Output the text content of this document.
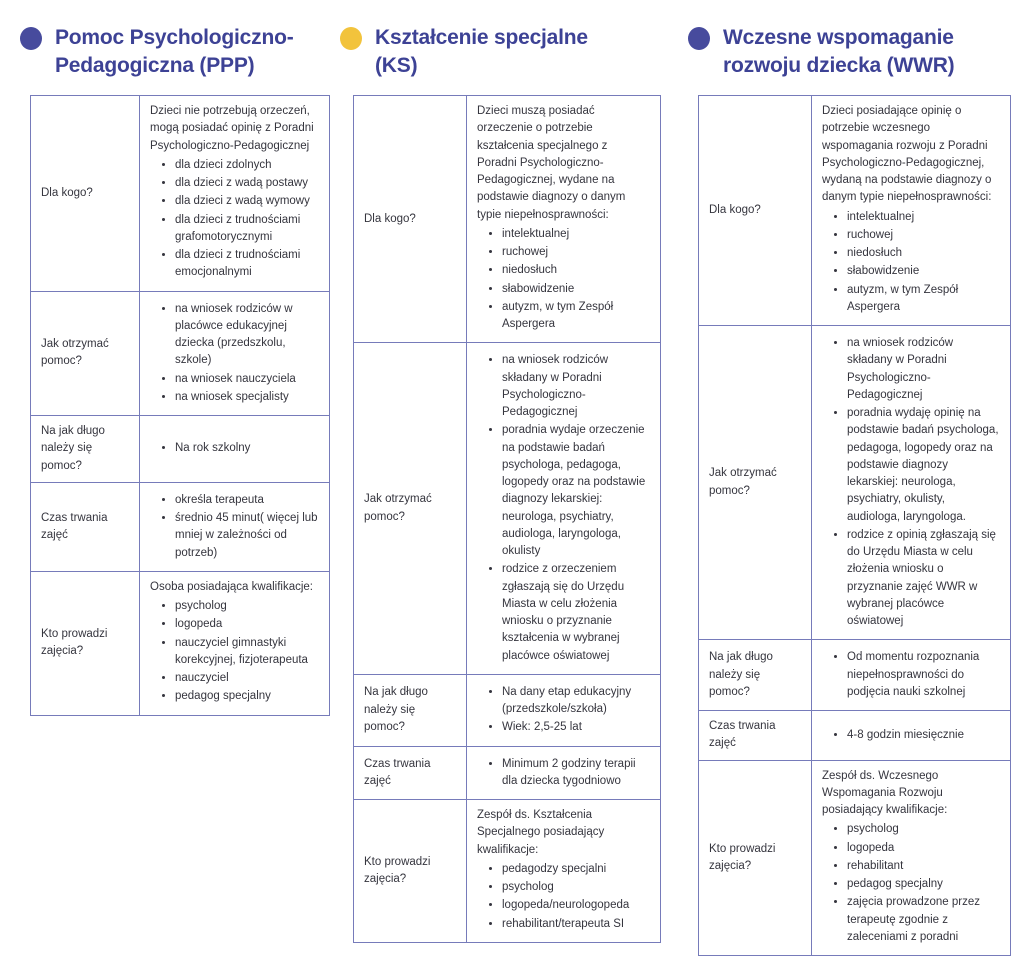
Pomoc Psychologiczno-
Pedagogiczna (PPP)
Kształcenie specjalne
(KS)
Wczesne wspomaganie
rozwoju dziecka (WWR)
Dla kogo?	

Dzieci nie potrzebują orzeczeń, mogą posiadać opinię z Poradni Psychologiczno-Pedagogicznej

• dla dzieci zdolnych
• dla dzieci z wadą postawy
• dla dzieci z wadą wymowy
• dla dzieci z trudnościami grafomotorycznymi
• dla dzieci z trudnościami emocjonalnymi

Jak otrzymać pomoc?	
• na wniosek rodziców w placówce edukacyjnej dziecka (przedszkolu, szkole)
• na wniosek nauczyciela
• na wniosek specjalisty

Na jak długo należy się pomoc?	
• Na rok szkolny

Czas trwania zajęć	
• określa terapeuta
• średnio 45 minut( więcej lub mniej w zależności od potrzeb)

Kto prowadzi zajęcia?	

Osoba posiadająca kwalifikacje:

• psycholog
• logopeda
• nauczyciel gimnastyki korekcyjnej, fizjoterapeuta
• nauczyciel
• pedagog specjalny
Dla kogo?	

Dzieci muszą posiadać orzeczenie o potrzebie kształcenia specjalnego z Poradni Psychologiczno-Pedagogicznej, wydane na podstawie diagnozy o danym typie niepełnosprawności:

• intelektualnej
• ruchowej
• niedosłuch
• słabowidzenie
• autyzm, w tym Zespół Aspergera

Jak otrzymać pomoc?	
• na wniosek rodziców składany w Poradni Psychologiczno-Pedagogicznej
• poradnia wydaje orzeczenie na podstawie badań psychologa, pedagoga, logopedy oraz na podstawie diagnozy lekarskiej: neurologa, psychiatry, audiologa, laryngologa, okulisty
• rodzice z orzeczeniem zgłaszają się do Urzędu Miasta w celu złożenia wniosku o przyznanie kształcenia w wybranej placówce oświatowej

Na jak długo należy się pomoc?	
• Na dany etap edukacyjny (przedszkole/szkoła)
• Wiek: 2,5-25 lat

Czas trwania zajęć	
• Minimum 2 godziny terapii dla dziecka tygodniowo

Kto prowadzi zajęcia?	

Zespół ds. Kształcenia Specjalnego posiadający kwalifikacje:

• pedagodzy specjalni
• psycholog
• logopeda/neurologopeda
• rehabilitant/terapeuta SI
Dla kogo?	

Dzieci posiadające opinię o potrzebie wczesnego wspomagania rozwoju z Poradni Psychologiczno-Pedagogicznej, wydaną na podstawie diagnozy o danym typie niepełnosprawności:

• intelektualnej
• ruchowej
• niedosłuch
• słabowidzenie
• autyzm, w tym Zespół Aspergera

Jak otrzymać pomoc?	
• na wniosek rodziców składany w Poradni Psychologiczno-Pedagogicznej
• poradnia wydaję opinię na podstawie badań psychologa, pedagoga, logopedy oraz na podstawie diagnozy lekarskiej: neurologa, psychiatry, okulisty, audiologa, laryngologa.
• rodzice z opinią zgłaszają się do Urzędu Miasta w celu złożenia wniosku o przyznanie zajęć WWR w wybranej placówce oświatowej

Na jak długo należy się pomoc?	
• Od momentu rozpoznania niepełnosprawności do podjęcia nauki szkolnej

Czas trwania zajęć	
• 4-8 godzin miesięcznie

Kto prowadzi zajęcia?	

Zespół ds. Wczesnego Wspomagania Rozwoju posiadający kwalifikacje:

• psycholog
• logopeda
• rehabilitant
• pedagog specjalny
• zajęcia prowadzone przez terapeutę zgodnie z zaleceniami z poradni
